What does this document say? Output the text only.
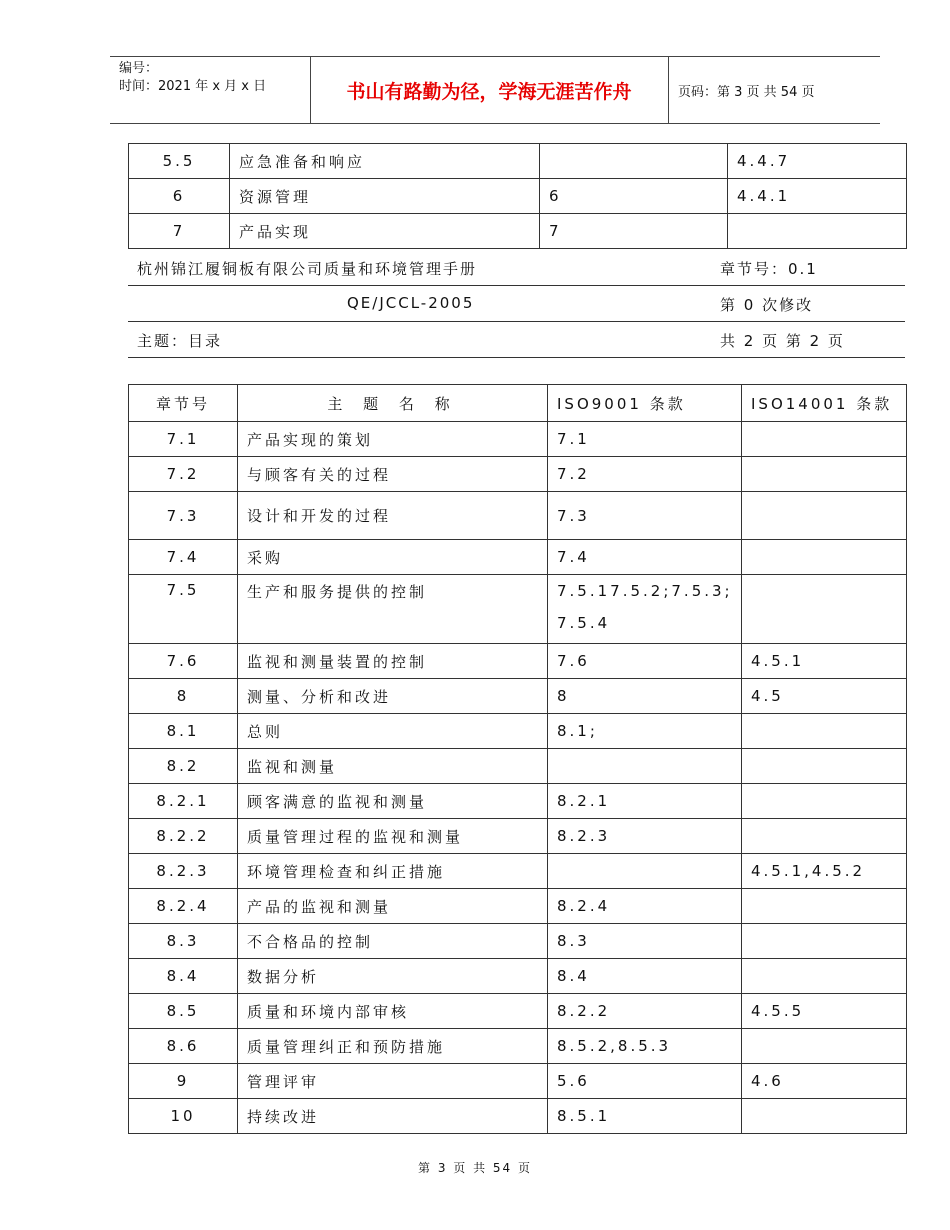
编号：
时间：2021 年 x 月 x 日	书山有路勤为径，学海无涯苦作舟	页码：第 3 页 共 54 页
5.5	应急准备和响应		4.4.7
6	资源管理	6	4.4.1
7	产品实现	7	
杭州锦江履铜板有限公司质量和环境管理手册	章节号：0.1
QE/JCCL-2005	第 0 次修改
主题：目录	共 2 页 第 2 页
章节号	主 题 名 称	ISO9001 条款	ISO14001 条款
7.1	产品实现的策划	7.1	
7.2	与顾客有关的过程	7.2	
7.3	设计和开发的过程	7.3	
7.4	采购	7.4	
7.5	生产和服务提供的控制	7.5.17.5.2;7.5.3;7.5.4	
7.6	监视和测量装置的控制	7.6	4.5.1
8	测量、分析和改进	8	4.5
8.1	总则	8.1;	
8.2	监视和测量		
8.2.1	顾客满意的监视和测量	8.2.1	
8.2.2	质量管理过程的监视和测量	8.2.3	
8.2.3	环境管理检查和纠正措施		4.5.1,4.5.2
8.2.4	产品的监视和测量	8.2.4	
8.3	不合格品的控制	8.3	
8.4	数据分析	8.4	
8.5	质量和环境内部审核	8.2.2	4.5.5
8.6	质量管理纠正和预防措施	8.5.2,8.5.3	
9	管理评审	5.6	4.6
10	持续改进	8.5.1	
第 3 页 共 54 页
